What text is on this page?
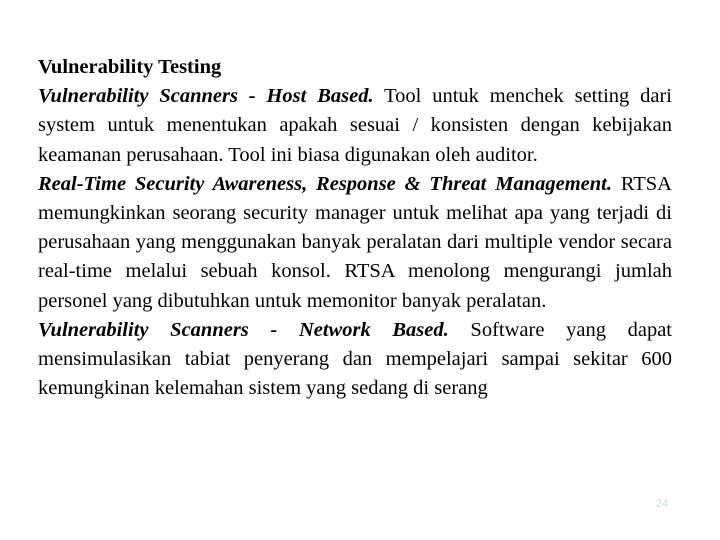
Vulnerability Testing

Vulnerability Scanners - Host Based. Tool untuk menchek setting dari system untuk menentukan apakah sesuai / konsisten dengan kebijakan keamanan perusahaan. Tool ini biasa digunakan oleh auditor.

Real-Time Security Awareness, Response & Threat Management. RTSA memungkinkan seorang security manager untuk melihat apa yang terjadi di perusahaan yang menggunakan banyak peralatan dari multiple vendor secara real-time melalui sebuah konsol. RTSA menolong mengurangi jumlah personel yang dibutuhkan untuk memonitor banyak peralatan.

Vulnerability Scanners - Network Based. Software yang dapat mensimulasikan tabiat penyerang dan mempelajari sampai sekitar 600 kemungkinan kelemahan sistem yang sedang di serang

24
